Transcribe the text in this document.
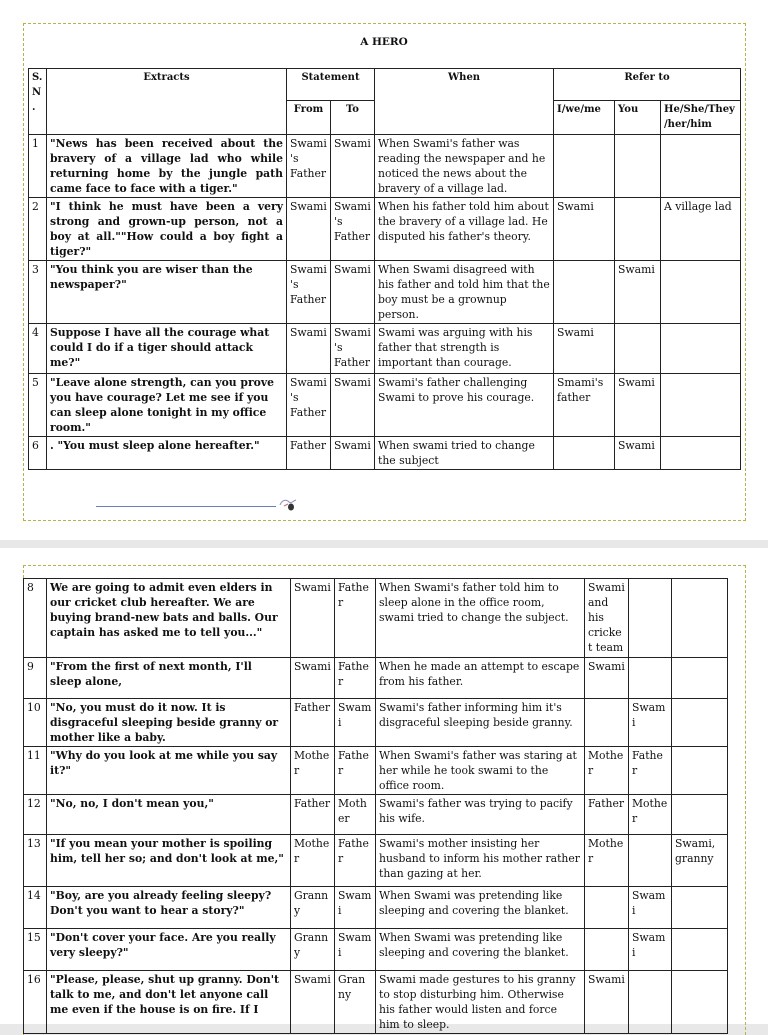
A HERO
S. N.	Extracts	Statement		When	Refer to		
		From	To		I/we/me	You	He/She/They /her/him
1	"News has been received about the bravery of a village lad who while returning home by the jungle path came face to face with a tiger."	Swami's Father	Swami	When Swami's father was reading the newspaper and he noticed the news about the bravery of a village lad.			
2	"I think he must have been a very strong and grown-up person, not a boy at all.""How could a boy fight a tiger?"	Swami	Swami's Father	When his father told him about the bravery of a village lad. He disputed his father's theory.	Swami		A village lad
3	"You think you are wiser than the newspaper?"	Swami's Father	Swami	When Swami disagreed with his father and told him that the boy must be a grownup person.		Swami	
4	Suppose I have all the courage what could I do if a tiger should attack me?"	Swami	Swami's Father	Swami was arguing with his father that strength is important than courage.	Swami		
5	"Leave alone strength, can you prove you have courage? Let me see if you can sleep alone tonight in my office room."	Swami's Father	Swami	Swami's father challenging Swami to prove his courage.	Smami's father	Swami	
6	. "You must sleep alone hereafter."	Father	Swami	When swami tried to change the subject		Swami	
8	We are going to admit even elders in our cricket club hereafter. We are buying brand-new bats and balls. Our captain has asked me to tell you..."	Swami	Father	When Swami's father told him to sleep alone in the office room, swami tried to change the subject.	Swami and his cricket team		
9	"From the first of next month, I'll sleep alone,	Swami	Father	When he made an attempt to escape from his father.	Swami		
10	"No, you must do it now. It is disgraceful sleeping beside granny or mother like a baby.	Father	Swami	Swami's father informing him it's disgraceful sleeping beside granny.		Swami	
11	"Why do you look at me while you say it?"	Mother	Father	When Swami's father was staring at her while he took swami to the office room.	Mother	Father	
12	"No, no, I don't mean you,"	Father	Mother	Swami's father was trying to pacify his wife.	Father	Mother	
13	"If you mean your mother is spoiling him, tell her so; and don't look at me,"	Mother	Father	Swami's mother insisting her husband to inform his mother rather than gazing at her.	Mother		Swami, granny
14	"Boy, are you already feeling sleepy? Don't you want to hear a story?"	Granny	Swami	When Swami was pretending like sleeping and covering the blanket.		Swami	
15	"Don't cover your face. Are you really very sleepy?"	Granny	Swami	When Swami was pretending like sleeping and covering the blanket.		Swami	
16	"Please, please, shut up granny. Don't talk to me, and don't let anyone call me even if the house is on fire. If I	Swami	Granny	Swami made gestures to his granny to stop disturbing him. Otherwise his father would listen and force him to sleep.	Swami		
